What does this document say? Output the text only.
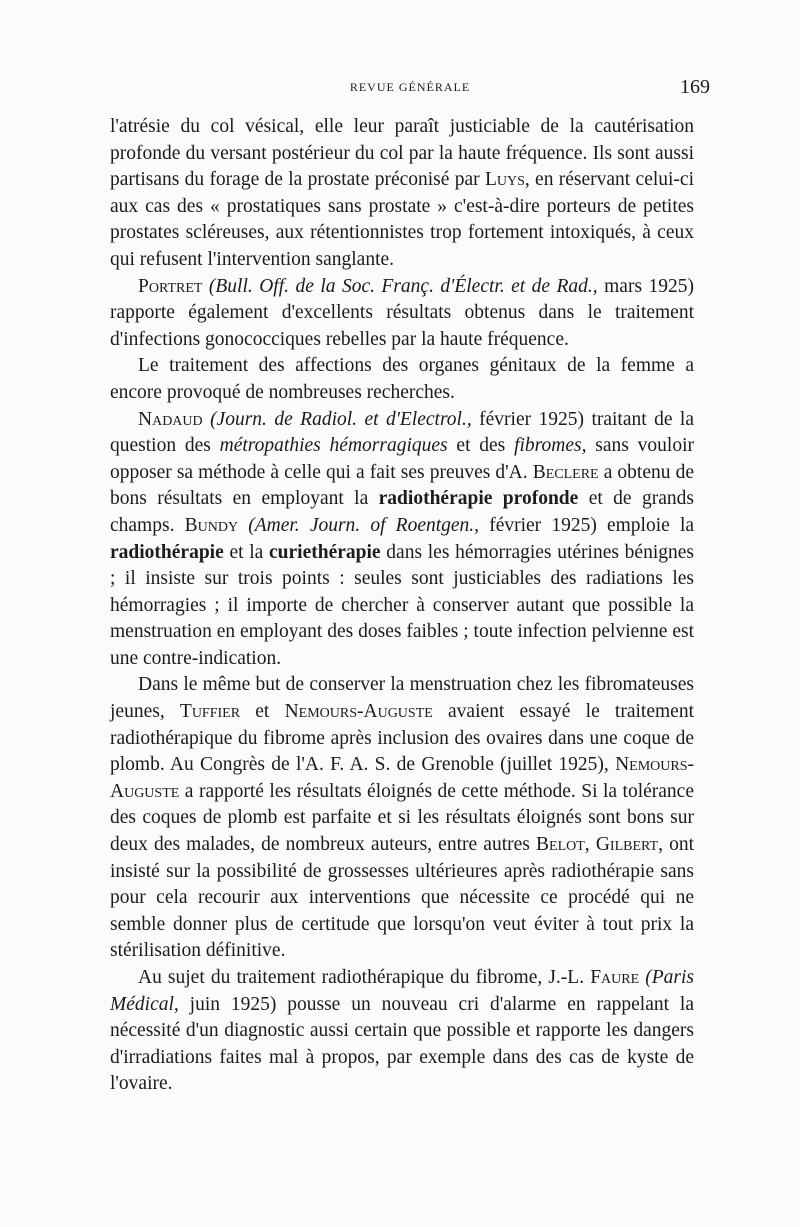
REVUE GÉNÉRALE	169

l'atrésie du col vésical, elle leur paraît justiciable de la cautérisation profonde du versant postérieur du col par la haute fréquence. Ils sont aussi partisans du forage de la prostate préconisé par Luys, en réservant celui-ci aux cas des « prostatiques sans prostate » c'est-à-dire porteurs de petites prostates scléreuses, aux rétentionnistes trop fortement intoxiqués, à ceux qui refusent l'intervention sanglante.

Portret (Bull. Off. de la Soc. Franç. d'Électr. et de Rad., mars 1925) rapporte également d'excellents résultats obtenus dans le traitement d'infections gonococciques rebelles par la haute fréquence.

Le traitement des affections des organes génitaux de la femme a encore provoqué de nombreuses recherches.

Nadaud (Journ. de Radiol. et d'Electrol., février 1925) traitant de la question des métropathies hémorragiques et des fibromes, sans vouloir opposer sa méthode à celle qui a fait ses preuves d'A. Beclere a obtenu de bons résultats en employant la radiothérapie profonde et de grands champs. Bundy (Amer. Journ. of Roentgen., février 1925) emploie la radiothérapie et la curiethérapie dans les hémorragies utérines bénignes ; il insiste sur trois points : seules sont justiciables des radiations les hémorragies ; il importe de chercher à conserver autant que possible la menstruation en employant des doses faibles ; toute infection pelvienne est une contre-indication.

Dans le même but de conserver la menstruation chez les fibromateuses jeunes, Tuffier et Nemours-Auguste avaient essayé le traitement radiothérapique du fibrome après inclusion des ovaires dans une coque de plomb. Au Congrès de l'A. F. A. S. de Grenoble (juillet 1925), Nemours-Auguste a rapporté les résultats éloignés de cette méthode. Si la tolérance des coques de plomb est parfaite et si les résultats éloignés sont bons sur deux des malades, de nombreux auteurs, entre autres Belot, Gilbert, ont insisté sur la possibilité de grossesses ultérieures après radiothérapie sans pour cela recourir aux interventions que nécessite ce procédé qui ne semble donner plus de certitude que lorsqu'on veut éviter à tout prix la stérilisation définitive.

Au sujet du traitement radiothérapique du fibrome, J.-L. Faure (Paris Médical, juin 1925) pousse un nouveau cri d'alarme en rappelant la nécessité d'un diagnostic aussi certain que possible et rapporte les dangers d'irradiations faites mal à propos, par exemple dans des cas de kyste de l'ovaire.
